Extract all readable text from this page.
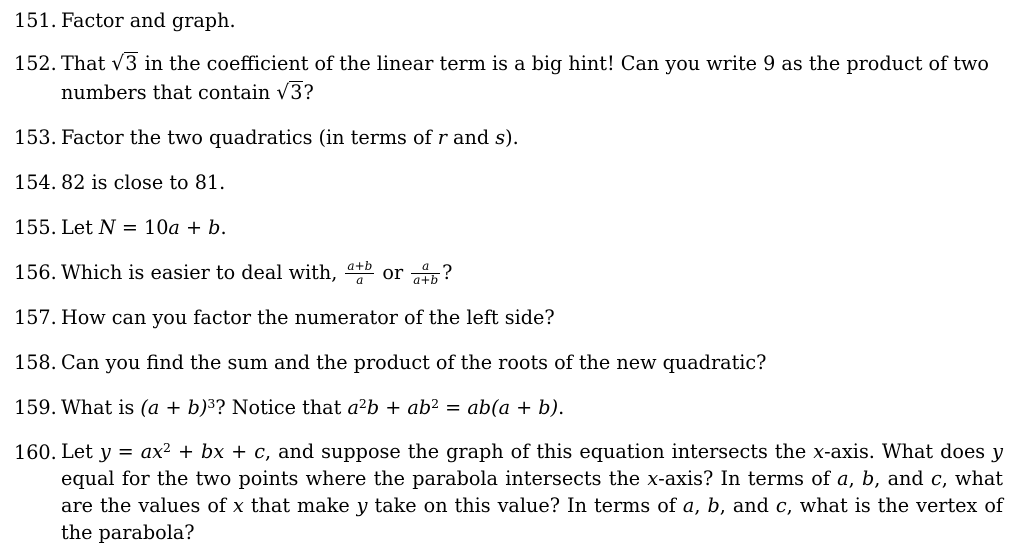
151. Factor and graph.
152. That √3 in the coefficient of the linear term is a big hint! Can you write 9 as the product of two numbers that contain √3?
153. Factor the two quadratics (in terms of r and s).
154. 82 is close to 81.
155. Let N = 10a + b.
156. Which is easier to deal with, $\frac{a+b}{a}$ or $\frac{a}{a+b}$ ?
157. How can you factor the numerator of the left side?
158. Can you find the sum and the product of the roots of the new quadratic?
159. What is $(a + b)^3$? Notice that $a^2b + ab^2 = ab(a + b)$.
160. Let $y = ax^2$ + bx + c, and suppose the graph of this equation intersects the x-axis. What does y equal for the two points where the parabola intersects the x-axis? In terms of a, b, and c, what are the values of x that make y take on this value? In terms of a, b, and c, what is the vertex of the parabola?
